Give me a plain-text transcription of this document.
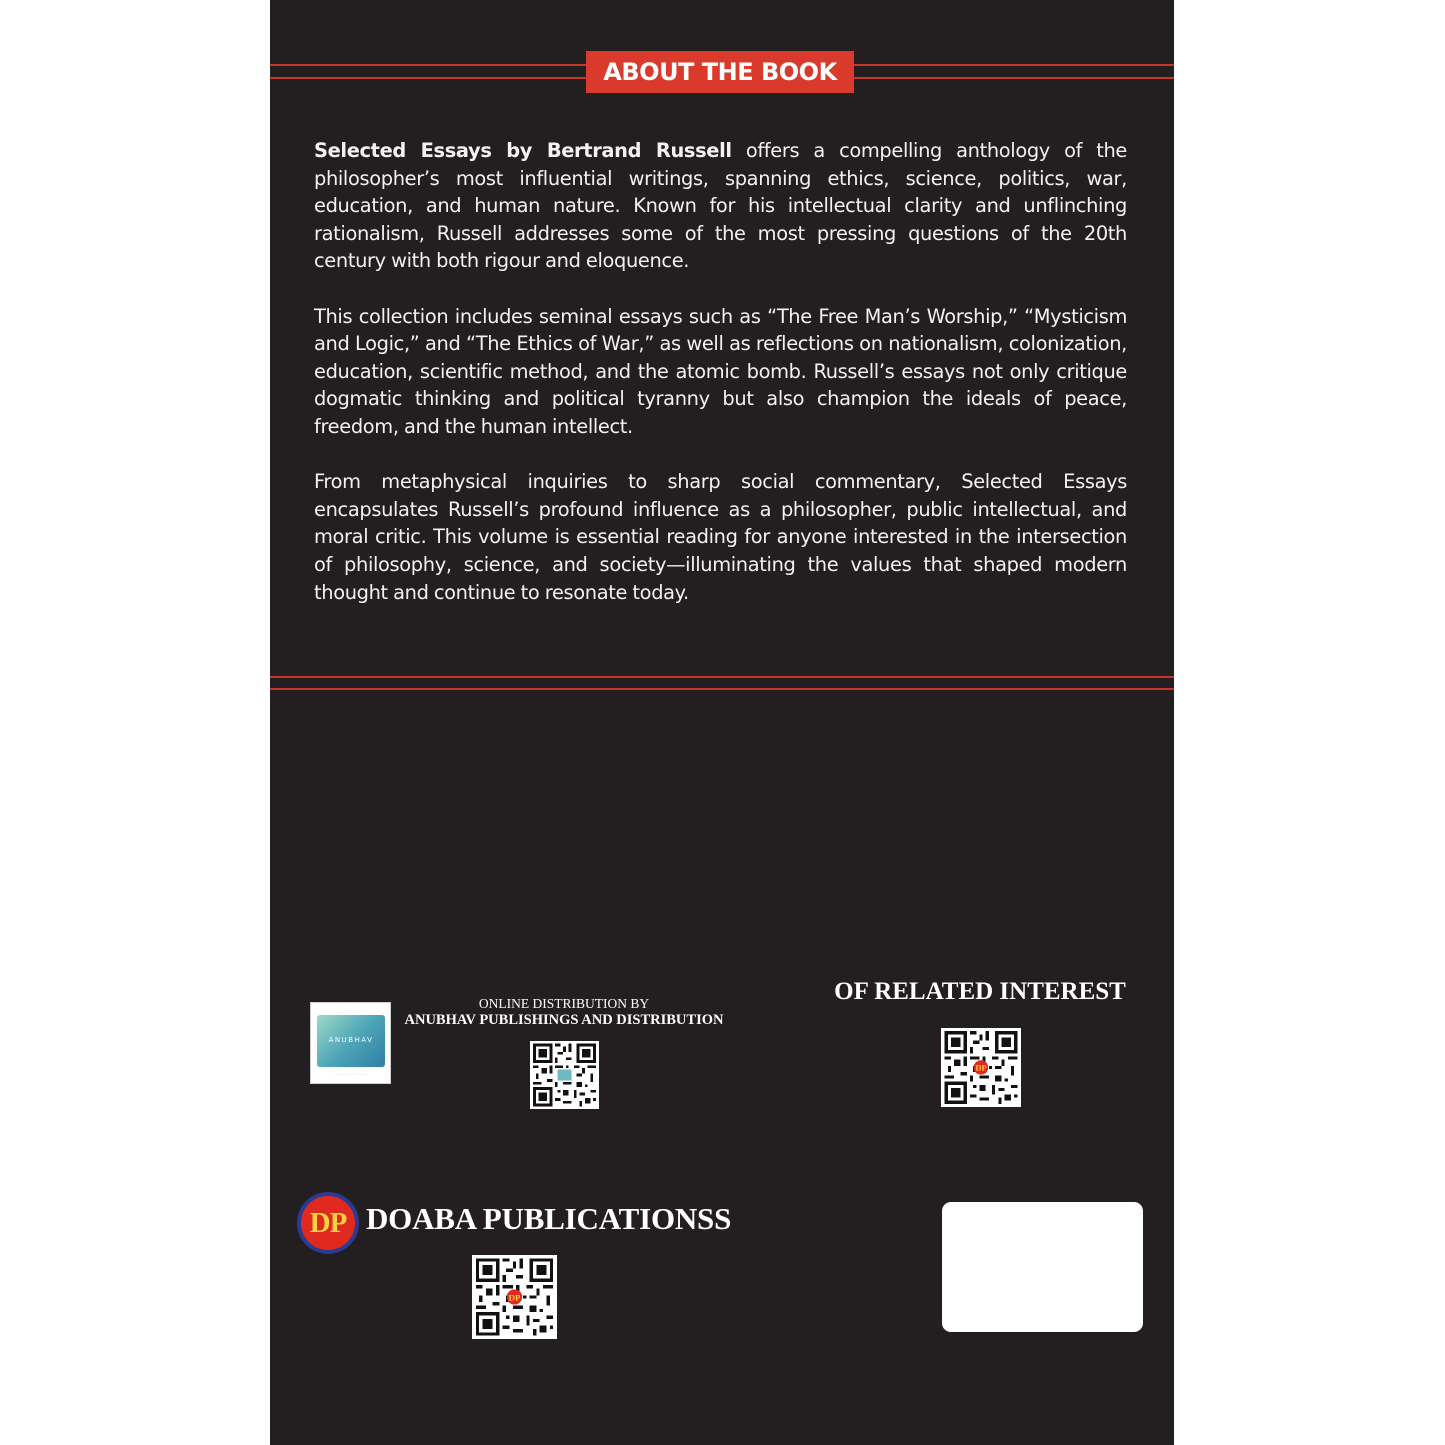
ABOUT THE BOOK

Selected Essays by Bertrand Russell offers a compelling anthology of the philosopher’s most influential writings, spanning ethics, science, politics, war, education, and human nature. Known for his intellectual clarity and unflinching rationalism, Russell addresses some of the most pressing questions of the 20th century with both rigour and eloquence.

This collection includes seminal essays such as “The Free Man’s Worship,” “Mysticism and Logic,” and “The Ethics of War,” as well as reflections on nationalism, colonization, education, scientific method, and the atomic bomb. Russell’s essays not only critique dogmatic thinking and political tyranny but also champion the ideals of peace, freedom, and the human intellect.

From metaphysical inquiries to sharp social commentary, Selected Essays encapsulates Russell’s profound influence as a philosopher, public intellectual, and moral critic. This volume is essential reading for anyone interested in the intersection of philosophy, science, and society—illuminating the values that shaped modern thought and continue to resonate today.

ANUBHAV
· · · · · · · · · · · · · · · ·
ONLINE DISTRIBUTION BY
ANUBHAV PUBLISHINGS AND DISTRIBUTION
OF RELATED INTEREST
DP
DP DOABA PUBLICATIONSS
DP
